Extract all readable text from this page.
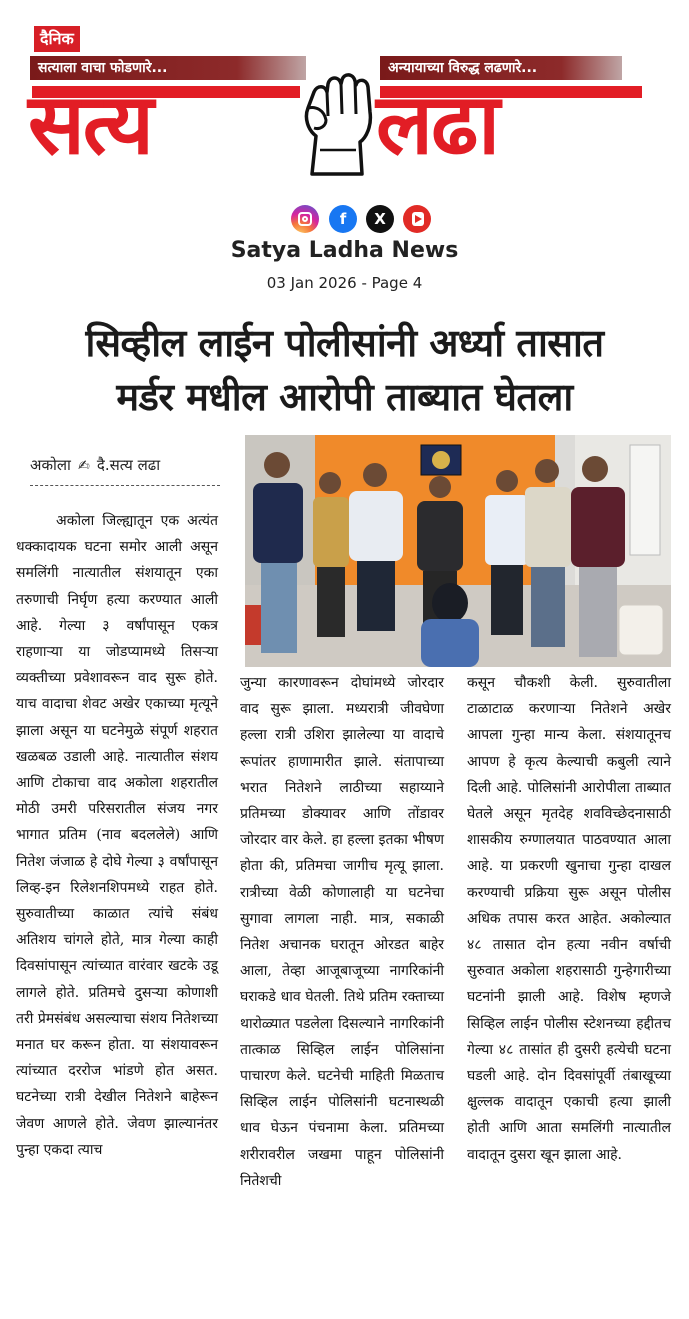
दैनिक
सत्याला वाचा फोडणारे...	अन्यायाच्या विरुद्ध लढणारे...
सत्य	लढा
f	X
Satya Ladha News
03 Jan 2026 - Page 4
सिव्हील लाईन पोलीसांनी अर्ध्या तासात
मर्डर मधील आरोपी ताब्यात घेतला
अकोला ✍ दै.सत्य लढा
अकोला जिल्ह्यातून एक अत्यंत धक्कादायक घटना समोर आली असून समलिंगी नात्यातील संशयातून एका तरुणाची निर्घृण हत्या करण्यात आली आहे. गेल्या ३ वर्षांपासून एकत्र राहणाऱ्या या जोडप्यामध्ये तिसऱ्या व्यक्तीच्या प्रवेशावरून वाद सुरू होते. याच वादाचा शेवट अखेर एकाच्या मृत्यूने झाला असून या घटनेमुळे संपूर्ण शहरात खळबळ उडाली आहे. नात्यातील संशय आणि टोकाचा वाद अकोला शहरातील मोठी उमरी परिसरातील संजय नगर भागात प्रतिम (नाव बदललेले) आणि नितेश जंजाळ हे दोघे गेल्या ३ वर्षांपासून लिव्ह-इन रिलेशनशिपमध्ये राहत होते. सुरुवातीच्या काळात त्यांचे संबंध अतिशय चांगले होते, मात्र गेल्या काही दिवसांपासून त्यांच्यात वारंवार खटके उडू लागले होते. प्रतिमचे दुसऱ्या कोणाशी तरी प्रेमसंबंध असल्याचा संशय नितेशच्या मनात घर करून होता. या संशयावरून त्यांच्यात दररोज भांडणे होत असत. घटनेच्या रात्री देखील नितेशने बाहेरून जेवण आणले होते. जेवण झाल्यानंतर पुन्हा एकदा त्याच
जुन्या कारणावरून दोघांमध्ये जोरदार वाद सुरू झाला. मध्यरात्री जीवघेणा हल्ला रात्री उशिरा झालेल्या या वादाचे रूपांतर हाणामारीत झाले. संतापाच्या भरात नितेशने लाठीच्या सहाय्याने प्रतिमच्या डोक्यावर आणि तोंडावर जोरदार वार केले. हा हल्ला इतका भीषण होता की, प्रतिमचा जागीच मृत्यू झाला. रात्रीच्या वेळी कोणालाही या घटनेचा सुगावा लागला नाही. मात्र, सकाळी नितेश अचानक घरातून ओरडत बाहेर आला, तेव्हा आजूबाजूच्या नागरिकांनी घराकडे धाव घेतली. तिथे प्रतिम रक्ताच्या थारोळ्यात पडलेला दिसल्याने नागरिकांनी तात्काळ सिव्हिल लाईन पोलिसांना पाचारण केले. घटनेची माहिती मिळताच सिव्हिल लाईन पोलिसांनी घटनास्थळी धाव घेऊन पंचनामा केला. प्रतिमच्या शरीरावरील जखमा पाहून पोलिसांनी नितेशची
कसून चौकशी केली. सुरुवातीला टाळाटाळ करणाऱ्या नितेशने अखेर आपला गुन्हा मान्य केला. संशयातूनच आपण हे कृत्य केल्याची कबुली त्याने दिली आहे. पोलिसांनी आरोपीला ताब्यात घेतले असून मृतदेह शवविच्छेदनासाठी शासकीय रुग्णालयात पाठवण्यात आला आहे. या प्रकरणी खुनाचा गुन्हा दाखल करण्याची प्रक्रिया सुरू असून पोलीस अधिक तपास करत आहेत. अकोल्यात ४८ तासात दोन हत्या नवीन वर्षाची सुरुवात अकोला शहरासाठी गुन्हेगारीच्या घटनांनी झाली आहे. विशेष म्हणजे सिव्हिल लाईन पोलीस स्टेशनच्या हद्दीतच गेल्या ४८ तासांत ही दुसरी हत्येची घटना घडली आहे. दोन दिवसांपूर्वी तंबाखूच्या क्षुल्लक वादातून एकाची हत्या झाली होती आणि आता समलिंगी नात्यातील वादातून दुसरा खून झाला आहे.
